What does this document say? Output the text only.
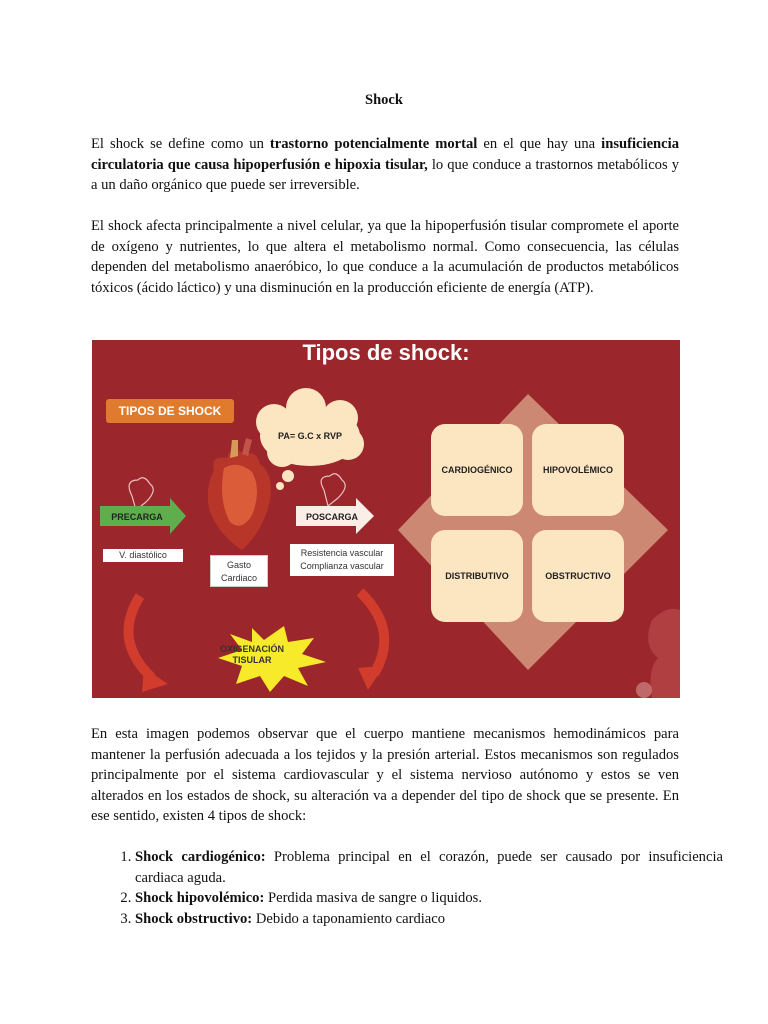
Shock

El shock se define como un trastorno potencialmente mortal en el que hay una insuficiencia circulatoria que causa hipoperfusión e hipoxia tisular, lo que conduce a trastornos metabólicos y a un daño orgánico que puede ser irreversible.

El shock afecta principalmente a nivel celular, ya que la hipoperfusión tisular compromete el aporte de oxígeno y nutrientes, lo que altera el metabolismo normal. Como consecuencia, las células dependen del metabolismo anaeróbico, lo que conduce a la acumulación de productos metabólicos tóxicos (ácido láctico) y una disminución en la producción eficiente de energía (ATP).

Tipos de shock:
TIPOS DE SHOCK
PA= G.C x RVP
PRECARGA
V. diastólico
POSCARGA
Gasto
Cardiaco
Resistencia vascular
Complianza vascular
OXIGENACIÓN
TISULAR
CARDIOGÉNICO	HIPOVOLÉMICO
DISTRIBUTIVO	OBSTRUCTIVO

En esta imagen podemos observar que el cuerpo mantiene mecanismos hemodinámicos para mantener la perfusión adecuada a los tejidos y la presión arterial. Estos mecanismos son regulados principalmente por el sistema cardiovascular y el sistema nervioso autónomo y estos se ven alterados en los estados de shock, su alteración va a depender del tipo de shock que se presente. En ese sentido, existen 4 tipos de shock:

1. Shock cardiogénico: Problema principal en el corazón, puede ser causado por insuficiencia cardiaca aguda.
2. Shock hipovolémico: Perdida masiva de sangre o liquidos.
3. Shock obstructivo: Debido a taponamiento cardiaco
